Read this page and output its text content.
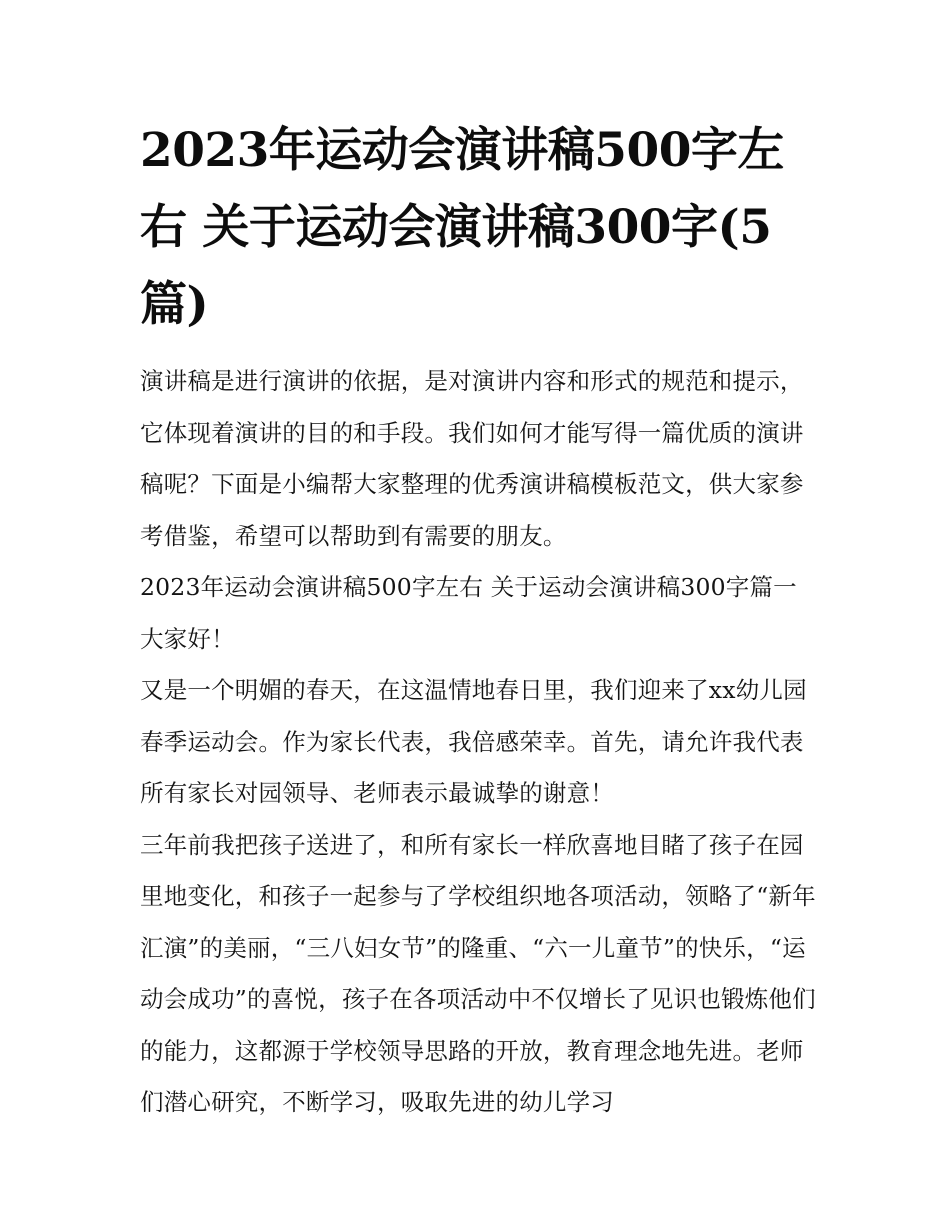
2023年运动会演讲稿500字左右 关于运动会演讲稿300字(5篇)

演讲稿是进行演讲的依据，是对演讲内容和形式的规范和提示，它体现着演讲的目的和手段。我们如何才能写得一篇优质的演讲稿呢？下面是小编帮大家整理的优秀演讲稿模板范文，供大家参考借鉴，希望可以帮助到有需要的朋友。

2023年运动会演讲稿500字左右 关于运动会演讲稿300字篇一 大家好！

又是一个明媚的春天，在这温情地春日里，我们迎来了xx幼儿园春季运动会。作为家长代表，我倍感荣幸。首先，请允许我代表所有家长对园领导、老师表示最诚挚的谢意！

三年前我把孩子送进了，和所有家长一样欣喜地目睹了孩子在园里地变化，和孩子一起参与了学校组织地各项活动，领略了“新年汇演”的美丽，“三八妇女节”的隆重、“六一儿童节”的快乐，“运动会成功”的喜悦，孩子在各项活动中不仅增长了见识也锻炼他们的能力，这都源于学校领导思路的开放，教育理念地先进。老师们潜心研究，不断学习，吸取先进的幼儿学习
